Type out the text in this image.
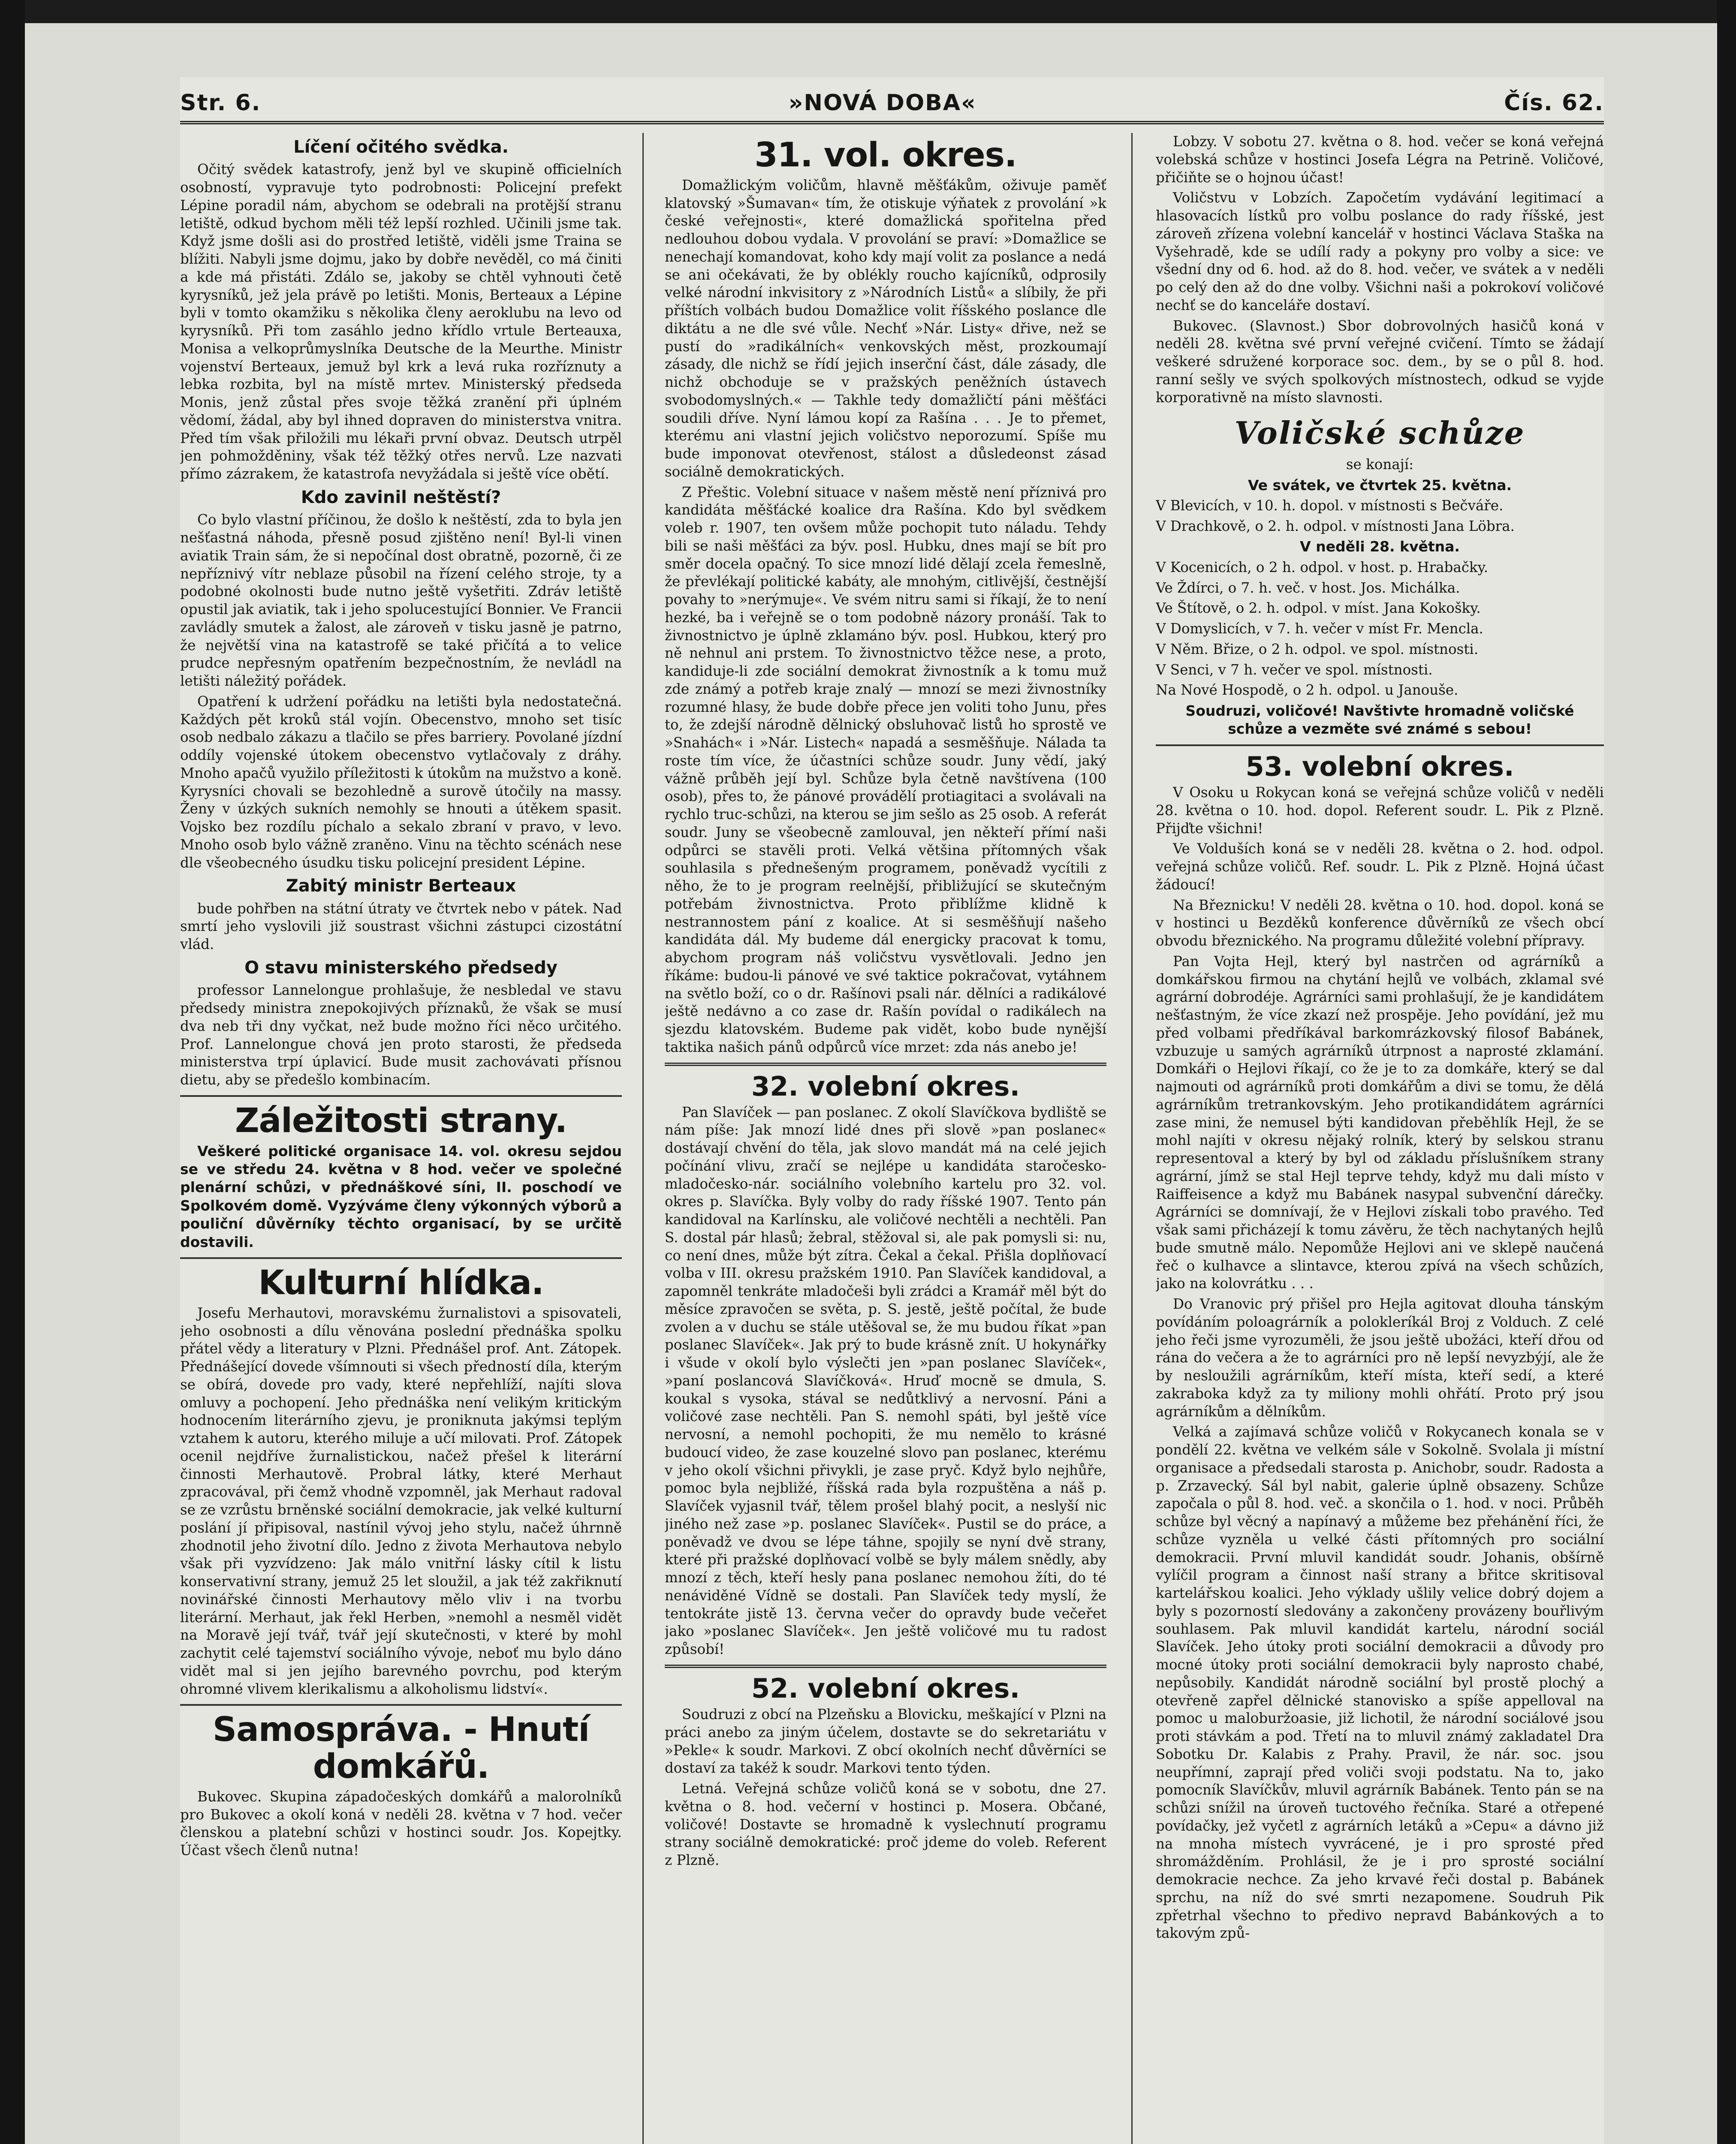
Str. 6.	»NOVÁ DOBA«	Čís. 62.
Líčení očitého svědka.

Očitý svědek katastrofy, jenž byl ve skupině officielních osobností, vypravuje tyto podrobnosti: Policejní prefekt Lépine poradil nám, abychom se odebrali na protější stranu letiště, odkud bychom měli též lepší rozhled. Učinili jsme tak. Když jsme došli asi do prostřed letiště, viděli jsme Traina se blížiti. Nabyli jsme dojmu, jako by dobře nevěděl, co má činiti a kde má přistáti. Zdálo se, jakoby se chtěl vyhnouti četě kyrysníků, jež jela právě po letišti. Monis, Berteaux a Lépine byli v tomto okamžiku s několika členy aeroklubu na levo od kyrysníků. Při tom zasáhlo jedno křídlo vrtule Berteauxa, Monisa a velkoprůmyslníka Deutsche de la Meurthe. Ministr vojenství Berteaux, jemuž byl krk a levá ruka rozříznuty a lebka rozbita, byl na místě mrtev. Ministerský předseda Monis, jenž zůstal přes svoje těžká zranění při úplném vědomí, žádal, aby byl ihned dopraven do ministerstva vnitra. Před tím však přiložili mu lékaři první obvaz. Deutsch utrpěl jen pohmožděniny, však též těžký otřes nervů. Lze nazvati přímo zázrakem, že katastrofa nevyžádala si ještě více obětí.

Kdo zavinil neštěstí?

Co bylo vlastní příčinou, že došlo k neštěstí, zda to byla jen nešťastná náhoda, přesně posud zjištěno není! Byl-li vinen aviatik Train sám, že si nepočínal dost obratně, pozorně, či ze nepříznivý vítr neblaze působil na řízení celého stroje, ty a podobné okolnosti bude nutno ještě vyšetřiti. Zdráv letiště opustil jak aviatik, tak i jeho spolucestující Bonnier. Ve Francii zavládly smutek a žalost, ale zároveň v tisku jasně je patrno, že největší vina na katastrofě se také přičítá a to velice prudce nepřesným opatřením bezpečnostním, že nevládl na letišti náležitý pořádek.

Opatření k udržení pořádku na letišti byla nedostatečná. Každých pět kroků stál vojín. Obecenstvo, mnoho set tisíc osob nedbalo zákazu a tlačilo se přes barriery. Povolané jízdní oddíly vojenské útokem obecenstvo vytlačovaly z dráhy. Mnoho apačů využilo příležitosti k útokům na mužstvo a koně. Kyrysníci chovali se bezohledně a surově útočily na massy. Ženy v úzkých sukních nemohly se hnouti a útěkem spasit. Vojsko bez rozdílu píchalo a sekalo zbraní v pravo, v levo. Mnoho osob bylo vážně zraněno. Vinu na těchto scénách nese dle všeobecného úsudku tisku policejní president Lépine.

Zabitý ministr Berteaux

bude pohřben na státní útraty ve čtvrtek nebo v pátek. Nad smrtí jeho vyslovili již soustrast všichni zástupci cizostátní vlád.

O stavu ministerského předsedy

professor Lannelongue prohlašuje, že nesbledal ve stavu předsedy ministra znepokojivých příznaků, že však se musí dva neb tři dny vyčkat, než bude možno říci něco určitého. Prof. Lannelongue chová jen proto starosti, že předseda ministerstva trpí úplavicí. Bude musit zachovávati přísnou dietu, aby se předešlo kombinacím.

Záležitosti strany.

Veškeré politické organisace 14. vol. okresu sejdou se ve středu 24. května v 8 hod. večer ve společné plenární schůzi, v přednáškové síni, II. poschodí ve Spolkovém domě. Vyzýváme členy výkonných výborů a pouliční důvěrníky těchto organisací, by se určitě dostavili.

Kulturní hlídka.

Josefu Merhautovi, moravskému žurnalistovi a spisovateli, jeho osobnosti a dílu věnována poslední přednáška spolku přátel vědy a literatury v Plzni. Přednášel prof. Ant. Zátopek. Přednášející dovede všímnouti si všech předností díla, kterým se obírá, dovede pro vady, které nepřehlíží, najíti slova omluvy a pochopení. Jeho přednáška není velikým kritickým hodnocením literárního zjevu, je proniknuta jakýmsi teplým vztahem k autoru, kterého miluje a učí milovati. Prof. Zátopek ocenil nejdříve žurnalistickou, načež přešel k literární činnosti Merhautově. Probral látky, které Merhaut zpracovával, při čemž vhodně vzpomněl, jak Merhaut radoval se ze vzrůstu brněnské sociální demokracie, jak velké kulturní poslání jí připisoval, nastínil vývoj jeho stylu, načež úhrnně zhodnotil jeho životní dílo. Jedno z života Merhautova nebylo však při vyzvídzeno: Jak málo vnitřní lásky cítil k listu konservativní strany, jemuž 25 let sloužil, a jak též zakřiknutí novinářské činnosti Merhautovy mělo vliv i na tvorbu literární. Merhaut, jak řekl Herben, »nemohl a nesměl vidět na Moravě její tvář, tvář její skutečnosti, v které by mohl zachytit celé tajemství sociálního vývoje, neboť mu bylo dáno vidět mal si jen jejího barevného povrchu, pod kterým ohromné vlivem klerikalismu a alkoholismu lidství«.

Samospráva. - Hnutí domkářů.

Bukovec. Skupina západočeských domkářů a malorolníků pro Bukovec a okolí koná v neděli 28. května v 7 hod. večer členskou a platební schůzi v hostinci soudr. Jos. Kopejtky. Účast všech členů nutna!

31. vol. okres.

Domažlickým voličům, hlavně měšťákům, oživuje paměť klatovský »Šumavan« tím, že otiskuje výňatek z provolání »k české veřejnosti«, které domažlická spořitelna před nedlouhou dobou vydala. V provolání se praví: »Domažlice se nenechají komandovat, koho kdy mají volit za poslance a nedá se ani očekávati, že by oblékly roucho kajícníků, odprosily velké národní inkvisitory z »Národních Listů« a slíbily, že při příštích volbách budou Domažlice volit říšského poslance dle diktátu a ne dle své vůle. Nechť »Nár. Listy« dřive, než se pustí do »radikálních« venkovských měst, prozkoumají zásady, dle nichž se řídí jejich inserční část, dále zásady, dle nichž obchoduje se v pražských peněžních ústavech svobodomyslných.« — Takhle tedy domažličtí páni měšťáci soudili dříve. Nyní lámou kopí za Rašína . . . Je to přemet, kterému ani vlastní jejich voličstvo neporozumí. Spíše mu bude imponovat otevřenost, stálost a důsledeonst zásad sociálně demokratických.

Z Přeštic. Volební situace v našem městě není příznivá pro kandidáta měšťácké koalice dra Rašína. Kdo byl svědkem voleb r. 1907, ten ovšem může pochopit tuto náladu. Tehdy bili se naši měšťáci za býv. posl. Hubku, dnes mají se bít pro směr docela opačný. To sice mnozí lidé dělají zcela řemeslně, že převlékají politické kabáty, ale mnohým, citlivější, čestnější povahy to »nerýmuje«. Ve svém nitru sami si říkají, že to není hezké, ba i veřejně se o tom podobně názory pronáší. Tak to živnostnictvo je úplně zklamáno býv. posl. Hubkou, který pro ně nehnul ani prstem. To živnostnictvo těžce nese, a proto, kandiduje-li zde sociální demokrat živnostník a k tomu muž zde známý a potřeb kraje znalý — mnozí se mezi živnostníky rozumné hlasy, že bude dobře přece jen voliti toho Junu, přes to, že zdejší národně dělnický obsluhovač listů ho sprostě ve »Snahách« i »Nár. Listech« napadá a sesměšňuje. Nálada ta roste tím více, že účastníci schůze soudr. Juny vědí, jaký vážně průběh její byl. Schůze byla četně navštívena (100 osob), přes to, že pánové provádělí protiagitaci a svolávali na rychlo truc-schůzi, na kterou se jim sešlo as 25 osob. A referát soudr. Juny se všeobecně zamlouval, jen někteří přímí naši odpůrci se stavěli proti. Velká většina přítomných však souhlasila s přednešeným programem, poněvadž vycítili z něho, že to je program reelnější, přibližující se skutečným potřebám živnostnictva. Proto přiblížme klidně k nestrannostem pání z koalice. At si sesměšňují našeho kandidáta dál. My budeme dál energicky pracovat k tomu, abychom program náš voličstvu vysvětlovali. Jedno jen říkáme: budou-li pánové ve své taktice pokračovat, vytáhnem na světlo boží, co o dr. Rašínovi psali nár. dělníci a radikálové ještě nedávno a co zase dr. Rašín povídal o radikálech na sjezdu klatovském. Budeme pak vidět, kobo bude nynější taktika našich pánů odpůrců více mrzet: zda nás anebo je!

32. volební okres.

Pan Slavíček — pan poslanec. Z okolí Slavíčkova bydliště se nám píše: Jak mnozí lidé dnes při slově »pan poslanec« dostávají chvění do těla, jak slovo mandát má na celé jejich počínání vlivu, zračí se nejlépe u kandidáta staročesko-mladočesko-nár. sociálního volebního kartelu pro 32. vol. okres p. Slavíčka. Byly volby do rady říšské 1907. Tento pán kandidoval na Karlínsku, ale voličové nechtěli a nechtěli. Pan S. dostal pár hlasů; žebral, stěžoval si, ale pak pomysli si: nu, co není dnes, může být zítra. Čekal a čekal. Přišla doplňovací volba v III. okresu pražském 1910. Pan Slavíček kandidoval, a zapomněl tenkráte mladočeši byli zrádci a Kramář měl být do měsíce zpravočen se světa, p. S. jestě, ještě počítal, že bude zvolen a v duchu se stále utěšoval se, že mu budou říkat »pan poslanec Slavíček«. Jak prý to bude krásně znít. U hokynářky i všude v okolí bylo výslečti jen »pan poslanec Slavíček«, »paní poslancová Slavíčková«. Hruď mocně se dmula, S. koukal s vysoka, stával se nedůtklivý a nervosní. Páni a voličové zase nechtěli. Pan S. nemohl spáti, byl ještě více nervosní, a nemohl pochopiti, že mu nemělo to krásné budoucí video, že zase kouzelné slovo pan poslanec, kterému v jeho okolí všichni přivykli, je zase pryč. Když bylo nejhůře, pomoc byla nejbližé, říšská rada byla rozpuštěna a náš p. Slavíček vyjasnil tvář, tělem prošel blahý pocit, a neslyší nic jiného než zase »p. poslanec Slavíček«. Pustil se do práce, a poněvadž ve dvou se lépe táhne, spojily se nyní dvě strany, které při pražské doplňovací volbě se byly málem snědly, aby mnozí z těch, kteří hesly pana poslanec nemohou žíti, do té nenáviděné Vídně se dostali. Pan Slavíček tedy myslí, že tentokráte jistě 13. června večer do opravdy bude večeřet jako »poslanec Slavíček«. Jen ještě voličové mu tu radost způsobí!

52. volební okres.

Soudruzi z obcí na Plzeňsku a Blovicku, meškající v Plzni na práci anebo za jiným účelem, dostavte se do sekretariátu v »Pekle« k soudr. Markovi. Z obcí okolních nechť důvěrníci se dostaví za takéž k soudr. Markovi tento týden.

Letná. Veřejná schůze voličů koná se v sobotu, dne 27. května o 8. hod. večerní v hostinci p. Mosera. Občané, voličové! Dostavte se hromadně k vyslechnutí programu strany sociálně demokratické: proč jdeme do voleb. Referent z Plzně.

Lobzy. V sobotu 27. května o 8. hod. večer se koná veřejná volebská schůze v hostinci Josefa Légra na Petrině. Voličové, přičiňte se o hojnou účast!

Voličstvu v Lobzích. Započetím vydávání legitimací a hlasovacích lístků pro volbu poslance do rady říšské, jest zároveň zřízena volební kancelář v hostinci Václava Staška na Vyšehradě, kde se udílí rady a pokyny pro volby a sice: ve všední dny od 6. hod. až do 8. hod. večer, ve svátek a v neděli po celý den až do dne volby. Všichni naši a pokrokoví voličové nechť se do kanceláře dostaví.

Bukovec. (Slavnost.) Sbor dobrovolných hasičů koná v neděli 28. května své první veřejné cvičení. Tímto se žádají veškeré sdružené korporace soc. dem., by se o půl 8. hod. ranní sešly ve svých spolkových místnostech, odkud se vyjde korporativně na místo slavnosti.

Voličské schůze

se konají:

Ve svátek, ve čtvrtek 25. května.

V Blevicích, v 10. h. dopol. v místnosti s Bečváře.

V Drachkově, o 2. h. odpol. v místnosti Jana Löbra.

V neděli 28. května.

V Kocenicích, o 2 h. odpol. v host. p. Hrabačky.

Ve Ždírci, o 7. h. več. v host. Jos. Michálka.

Ve Štítově, o 2. h. odpol. v míst. Jana Kokošky.

V Domyslicích, v 7. h. večer v míst Fr. Mencla.

V Něm. Břize, o 2 h. odpol. ve spol. místnosti.

V Senci, v 7 h. večer ve spol. místnosti.

Na Nové Hospodě, o 2 h. odpol. u Janouše.

Soudruzi, voličové! Navštivte hromadně voličské schůze a vezměte své známé s sebou!

53. volební okres.

V Osoku u Rokycan koná se veřejná schůze voličů v neděli 28. května o 10. hod. dopol. Referent soudr. L. Pik z Plzně. Přijďte všichni!

Ve Volduších koná se v neděli 28. května o 2. hod. odpol. veřejná schůze voličů. Ref. soudr. L. Pik z Plzně. Hojná účast žádoucí!

Na Březnicku! V neděli 28. května o 10. hod. dopol. koná se v hostinci u Bezděků konference důvěrníků ze všech obcí obvodu březnického. Na programu důležité volební přípravy.

Pan Vojta Hejl, který byl nastrčen od agrárníků a domkářskou firmou na chytání hejlů ve volbách, zklamal své agrární dobrodéje. Agrárníci sami prohlašují, že je kandidátem nešťastným, že více zkazí než prospěje. Jeho povídání, jež mu před volbami předříkával barkomrázkovský filosof Babánek, vzbuzuje u samých agrárníků útrpnost a naprosté zklamání. Domkáři o Hejlovi říkají, co že je to za domkáře, který se dal najmouti od agrárníků proti domkářům a divi se tomu, že dělá agrárníkům tretrankovským. Jeho protikandidátem agrárníci zase mini, že nemusel býti kandidovan přeběhlík Hejl, že se mohl najíti v okresu nějaký rolník, který by selskou stranu representoval a který by byl od základu příslušníkem strany agrární, jímž se stal Hejl teprve tehdy, když mu dali místo v Raiffeisence a když mu Babánek nasypal subvenční dárečky. Agrárníci se domnívají, že v Hejlovi získali tobo pravého. Teď však sami přicházejí k tomu závěru, že těch nachytaných hejlů bude smutně málo. Nepomůže Hejlovi ani ve sklepě naučená řeč o kulhavce a slintavce, kterou zpívá na všech schůzích, jako na kolovrátku . . .

Do Vranovic prý přišel pro Hejla agitovat dlouha tánským povídáním poloagrárník a polokleríkál Broj z Volduch. Z celé jeho řeči jsme vyrozuměli, že jsou ještě ubožáci, kteří dřou od rána do večera a že to agrárníci pro ně lepší nevyzbýjí, ale že by nesloužili agrárníkům, kteří místa, kteří sedí, a které zakraboka když za ty miliony mohli ohřátí. Proto prý jsou agrárníkům a dělníkům.

Velká a zajímavá schůze voličů v Rokycanech konala se v pondělí 22. května ve velkém sále v Sokolně. Svolala ji místní organisace a předsedali starosta p. Anichobr, soudr. Radosta a p. Zrzavecký. Sál byl nabit, galerie úplně obsazeny. Schůze započala o půl 8. hod. več. a skončila o 1. hod. v noci. Průběh schůze byl věcný a napínavý a můžeme bez přehánění říci, že schůze vyzněla u velké části přítomných pro sociální demokracii. První mluvil kandidát soudr. Johanis, obšírně vylíčil program a činnost naší strany a břitce skritisoval kartelářskou koalici. Jeho výklady ušlily velice dobrý dojem a byly s pozorností sledovány a zakončeny provázeny bouřlivým souhlasem. Pak mluvil kandidát kartelu, národní sociál Slavíček. Jeho útoky proti sociální demokracii a důvody pro mocné útoky proti sociální demokracii byly naprosto chabé, nepůsobily. Kandidát národně sociální byl prostě plochý a otevřeně zapřel dělnické stanovisko a spíše appelloval na pomoc u maloburžoasie, již lichotil, že národní sociálové jsou proti stávkám a pod. Třetí na to mluvil známý zakladatel Dra Sobotku Dr. Kalabis z Prahy. Pravil, že nár. soc. jsou neupřímní, zaprají před voliči svoji podstatu. Na to, jako pomocník Slavíčkův, mluvil agrárník Babánek. Tento pán se na schůzi snížil na úroveň tuctového řečníka. Staré a otřepené povídačky, jež vyčetl z agrárních letáků a »Cepu« a dávno již na mnoha místech vyvrácené, je i pro sprosté před shromážděním. Prohlásil, že je i pro sprosté sociální demokracie nechce. Za jeho krvavé řeči dostal p. Babánek sprchu, na níž do své smrti nezapomene. Soudruh Pik zpřetrhal všechno to předivo nepravd Babánkových a to takovým způ-
